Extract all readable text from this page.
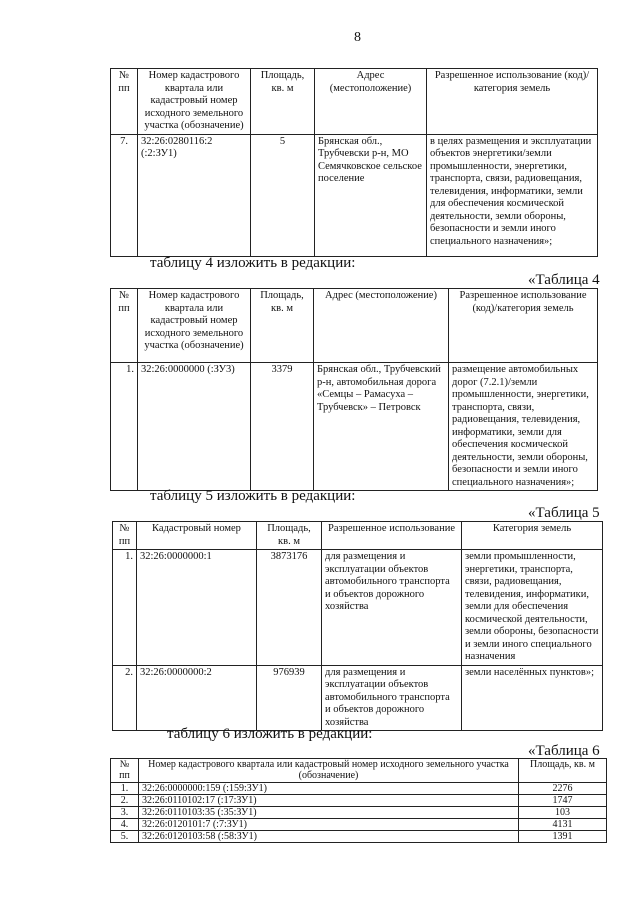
8
№ пп	Номер кадастрового квартала или кадастровый номер исходного земельного участка (обозначение)	Площадь, кв. м	Адрес (местоположение)	Разрешенное использование (код)/ категория земель
7.	32:26:0280116:2 (:2:ЗУ1)	5	Брянская обл., Трубчевски р-н, МО Семячковское сельское поселение	в целях размещения и эксплуатации объектов энергетики/земли промышленности, энергетики, транспорта, связи, радиовещания, телевидения, информатики, земли для обеспечения космической деятельности, земли обороны, безопасности и земли иного специального назначения»;
таблицу 4 изложить в редакции:
«Таблица 4
№ пп	Номер кадастрового квартала или кадастровый номер исходного земельного участка (обозначение)	Площадь, кв. м	Адрес (местоположение)	Разрешенное использование (код)/категория земель
1.	32:26:0000000 (:ЗУ3)	3379	Брянская обл., Трубчевский р-н, автомобильная дорога «Семцы – Рамасуха – Трубчевск» – Петровск	размещение автомобильных дорог (7.2.1)/земли промышленности, энергетики, транспорта, связи, радиовещания, телевидения, информатики, земли для обеспечения космической деятельности, земли обороны, безопасности и земли иного специального назначения»;
таблицу 5 изложить в редакции:
«Таблица 5
№ пп	Кадастровый номер	Площадь, кв. м	Разрешенное использование	Категория земель
1.	32:26:0000000:1	3873176	для размещения и эксплуатации объектов автомобильного транспорта и объектов дорожного хозяйства	земли промышленности, энергетики, транспорта, связи, радиовещания, телевидения, информатики, земли для обеспечения космической деятельности, земли обороны, безопасности и земли иного специального назначения
2.	32:26:0000000:2	976939	для размещения и эксплуатации объектов автомобильного транспорта и объектов дорожного хозяйства	земли населённых пунктов»;
таблицу 6 изложить в редакции:
«Таблица 6
№ пп	Номер кадастрового квартала или кадастровый номер исходного земельного участка (обозначение)	Площадь, кв. м
1.	32:26:0000000:159 (:159:ЗУ1)	2276
2.	32:26:0110102:17 (:17:ЗУ1)	1747
3.	32:26:0110103:35 (:35:ЗУ1)	103
4.	32:26:0120101:7 (:7:ЗУ1)	4131
5.	32:26:0120103:58 (:58:ЗУ1)	1391
